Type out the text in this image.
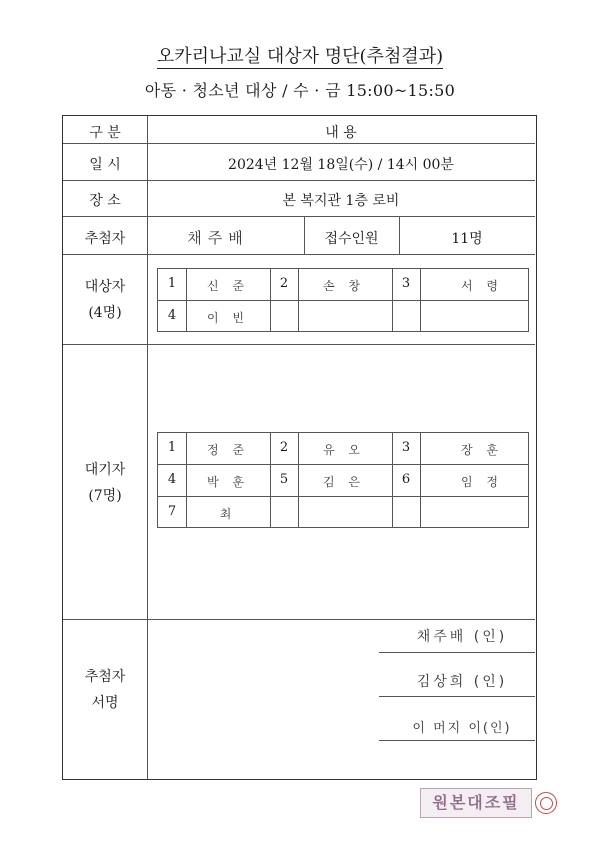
오카리나교실 대상자 명단(추첨결과)
아동 · 청소년 대상 / 수 · 금 15:00~15:50
구 분	내 용
일 시	2024년 12월 18일(수) / 14시 00분
장 소	본 복지관 1층 로비
추첨자	채주배	접수인원	11명
대상자
(4명)
1	신 준	2	손 창	3	서 령
4	이 빈
대기자
(7명)
1	정 준	2	유 오	3	장 훈
4	박 훈	5	김 은	6	임 정
7	최
추첨자
서명
채주배 (인)
김상희 (인)
이 머지 이(인)
원본대조필
